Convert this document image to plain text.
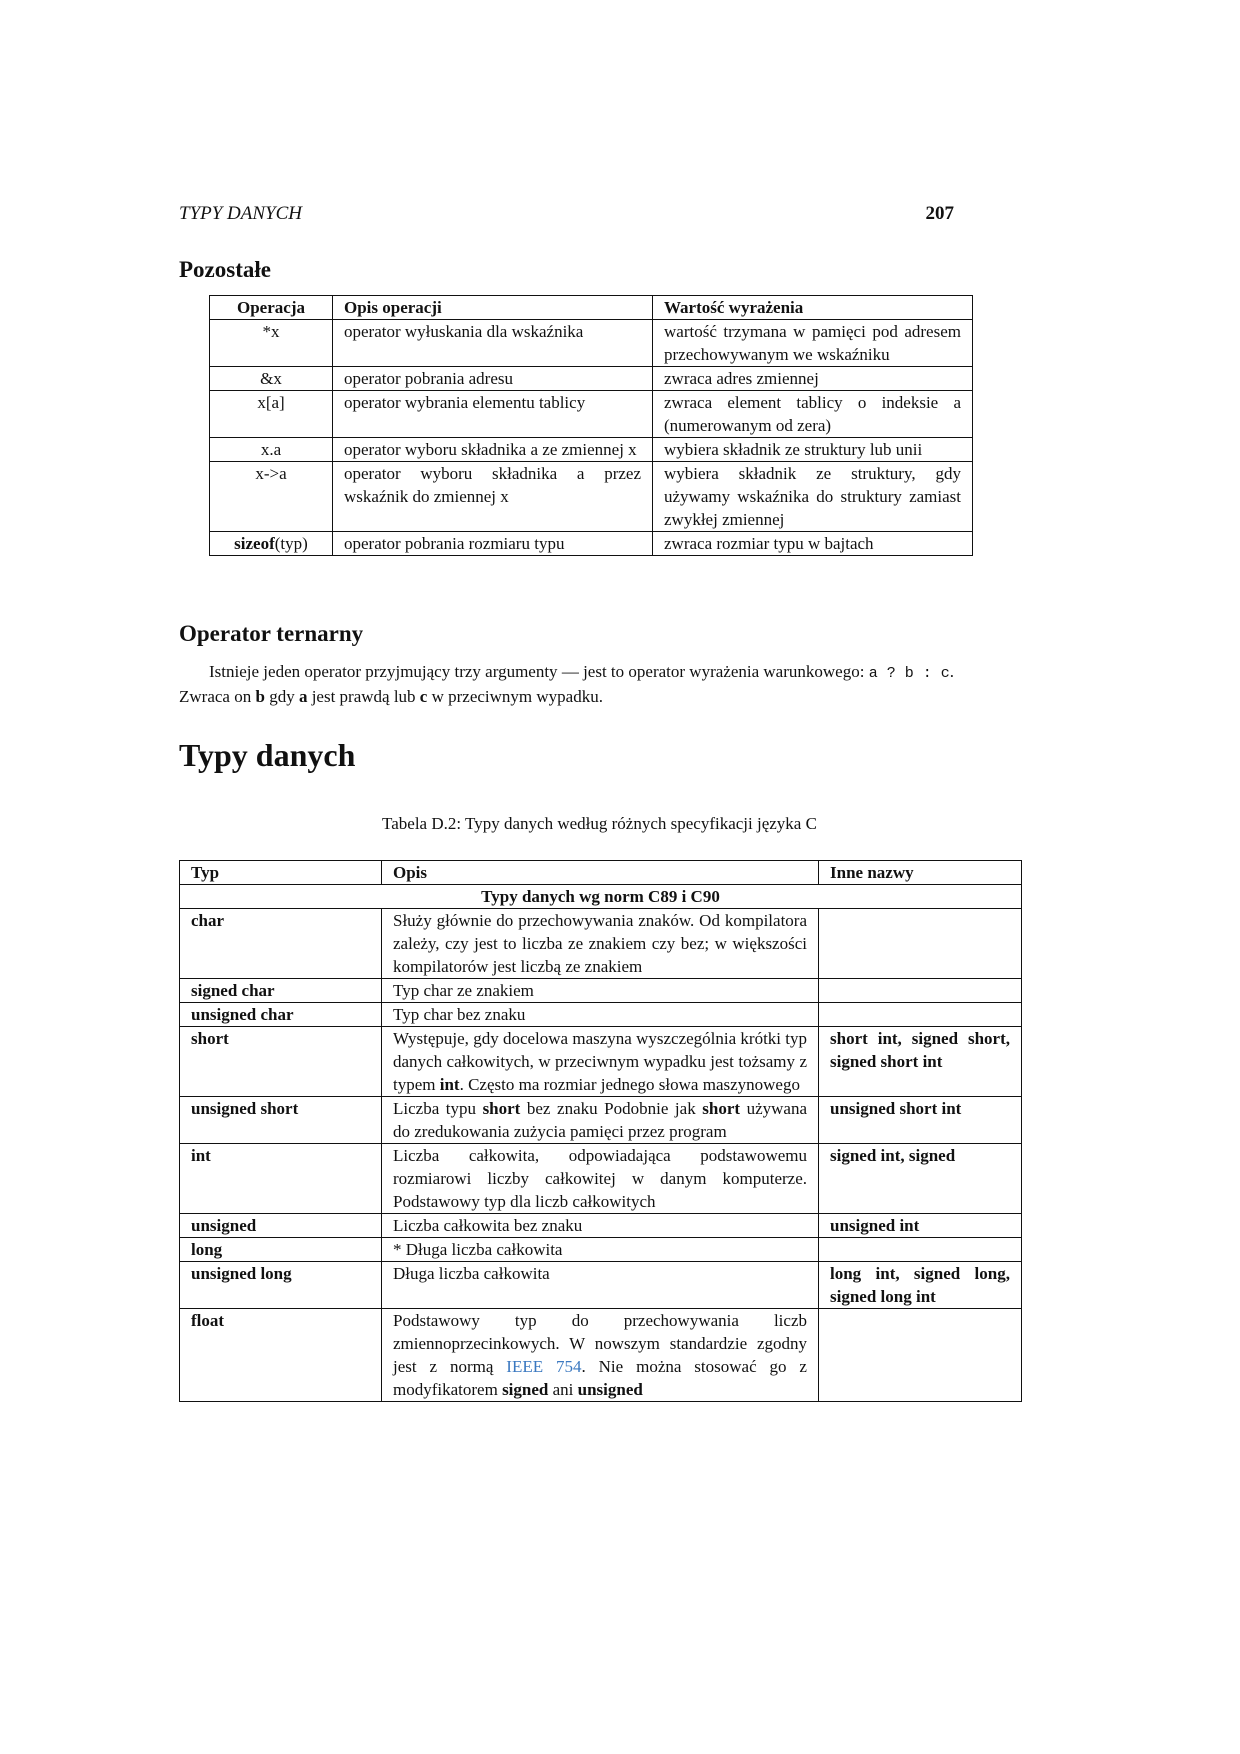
TYPY DANYCH	207
Pozostałe
Operacja	Opis operacji	Wartość wyrażenia
*x	operator wyłuskania dla wskaźnika	wartość trzymana w pamięci pod adresem przechowywanym we wskaźniku
&x	operator pobrania adresu	zwraca adres zmiennej
x[a]	operator wybrania elementu tablicy	zwraca element tablicy o indeksie a (numerowanym od zera)
x.a	operator wyboru składnika a ze zmiennej x	wybiera składnik ze struktury lub unii
x->a	operator wyboru składnika a przez wskaźnik do zmiennej x	wybiera składnik ze struktury, gdy używamy wskaźnika do struktury zamiast zwykłej zmiennej
sizeof(typ)	operator pobrania rozmiaru typu	zwraca rozmiar typu w bajtach
Operator ternarny
Istnieje jeden operator przyjmujący trzy argumenty — jest to operator wyrażenia warunkowego: a ? b : c. Zwraca on b gdy a jest prawdą lub c w przeciwnym wypadku.
Typy danych
Tabela D.2: Typy danych według różnych specyfikacji języka C
Typ	Opis	Inne nazwy
Typy danych wg norm C89 i C90		
char	Służy głównie do przechowywania znaków. Od kompilatora zależy, czy jest to liczba ze znakiem czy bez; w większości kompilatorów jest liczbą ze znakiem	
signed char	Typ char ze znakiem	
unsigned char	Typ char bez znaku	
short	Występuje, gdy docelowa maszyna wyszczególnia krótki typ danych całkowitych, w przeciwnym wypadku jest tożsamy z typem int. Często ma rozmiar jednego słowa maszynowego	short int, signed short, signed short int
unsigned short	Liczba typu short bez znaku Podobnie jak short używana do zredukowania zużycia pamięci przez program	unsigned short int
int	Liczba całkowita, odpowiadająca podstawowemu rozmiarowi liczby całkowitej w danym komputerze. Podstawowy typ dla liczb całkowitych	signed int, signed
unsigned	Liczba całkowita bez znaku	unsigned int
long	* Długa liczba całkowita	
unsigned long	Długa liczba całkowita	long int, signed long, signed long int
float	Podstawowy typ do przechowywania liczb zmiennoprzecinkowych. W nowszym standardzie zgodny jest z normą IEEE 754. Nie można stosować go z modyfikatorem signed ani unsigned	
